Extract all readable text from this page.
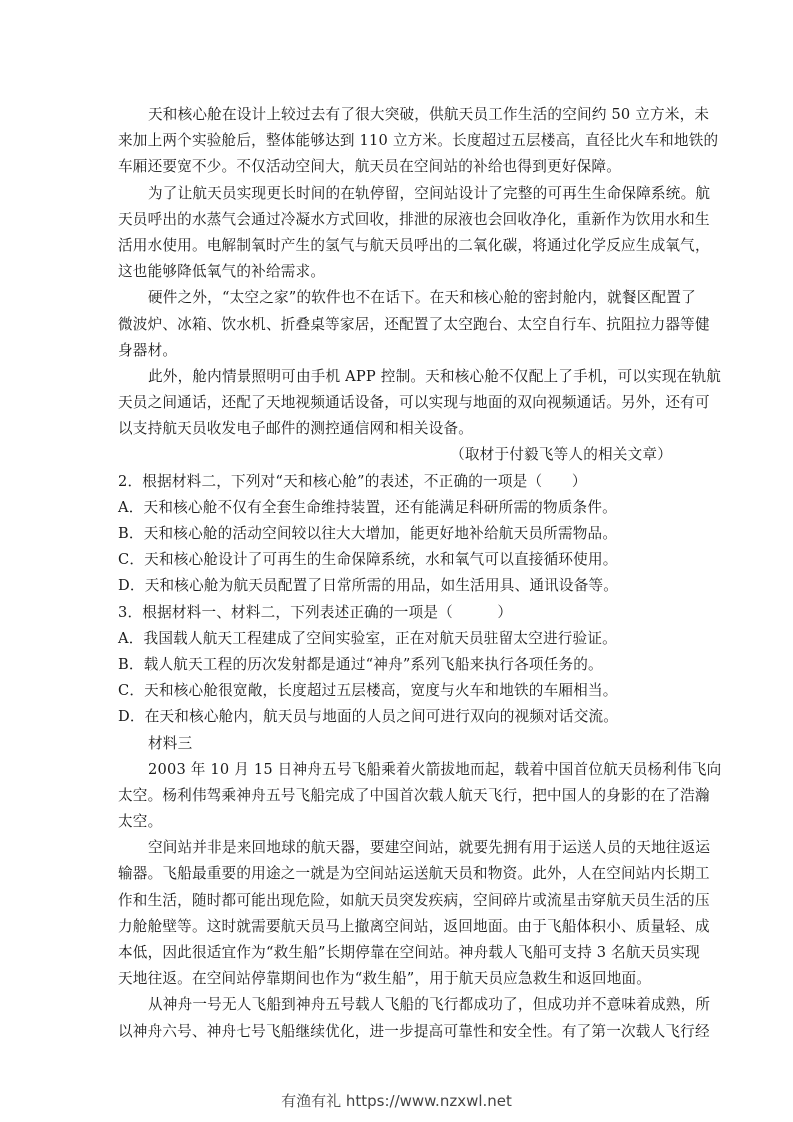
天和核心舱在设计上较过去有了很大突破，供航天员工作生活的空间约 50 立方米，未
来加上两个实验舱后，整体能够达到 110 立方米。长度超过五层楼高，直径比火车和地铁的
车厢还要宽不少。不仅活动空间大，航天员在空间站的补给也得到更好保障。
为了让航天员实现更长时间的在轨停留，空间站设计了完整的可再生生命保障系统。航
天员呼出的水蒸气会通过冷凝水方式回收，排泄的尿液也会回收净化，重新作为饮用水和生
活用水使用。电解制氧时产生的氢气与航天员呼出的二氧化碳，将通过化学反应生成氧气，
这也能够降低氧气的补给需求。
硬件之外，“太空之家”的软件也不在话下。在天和核心舱的密封舱内，就餐区配置了
微波炉、冰箱、饮水机、折叠桌等家居，还配置了太空跑台、太空自行车、抗阻拉力器等健
身器材。
此外，舱内情景照明可由手机 APP 控制。天和核心舱不仅配上了手机，可以实现在轨航
天员之间通话，还配了天地视频通话设备，可以实现与地面的双向视频通话。另外，还有可
以支持航天员收发电子邮件的测控通信网和相关设备。
（取材于付毅飞等人的相关文章）
2．根据材料二，下列对“天和核心舱”的表述，不正确的一项是（　　）
A．天和核心舱不仅有全套生命维持装置，还有能满足科研所需的物质条件。
B．天和核心舱的活动空间较以往大大增加，能更好地补给航天员所需物品。
C．天和核心舱设计了可再生的生命保障系统，水和氧气可以直接循环使用。
D．天和核心舱为航天员配置了日常所需的用品，如生活用具、通讯设备等。
3．根据材料一、材料二，下列表述正确的一项是（　　　）
A．我国载人航天工程建成了空间实验室，正在对航天员驻留太空进行验证。
B．载人航天工程的历次发射都是通过“神舟”系列飞船来执行各项任务的。
C．天和核心舱很宽敞，长度超过五层楼高，宽度与火车和地铁的车厢相当。
D．在天和核心舱内，航天员与地面的人员之间可进行双向的视频对话交流。
材料三
2003 年 10 月 15 日神舟五号飞船乘着火箭拔地而起，载着中国首位航天员杨利伟飞向
太空。杨利伟驾乘神舟五号飞船完成了中国首次载人航天飞行，把中国人的身影的在了浩瀚
太空。
空间站并非是来回地球的航天器，要建空间站，就要先拥有用于运送人员的天地往返运
输器。飞船最重要的用途之一就是为空间站运送航天员和物资。此外，人在空间站内长期工
作和生活，随时都可能出现危险，如航天员突发疾病，空间碎片或流星击穿航天员生活的压
力舱舱壁等。这时就需要航天员马上撤离空间站，返回地面。由于飞船体积小、质量轻、成
本低，因此很适宜作为“救生船”长期停靠在空间站。神舟载人飞船可支持 3 名航天员实现
天地往返。在空间站停靠期间也作为“救生船”，用于航天员应急救生和返回地面。
从神舟一号无人飞船到神舟五号载人飞船的飞行都成功了，但成功并不意味着成熟，所
以神舟六号、神舟七号飞船继续优化，进一步提高可靠性和安全性。有了第一次载人飞行经
有渔有礼 https://www.nzxwl.net
